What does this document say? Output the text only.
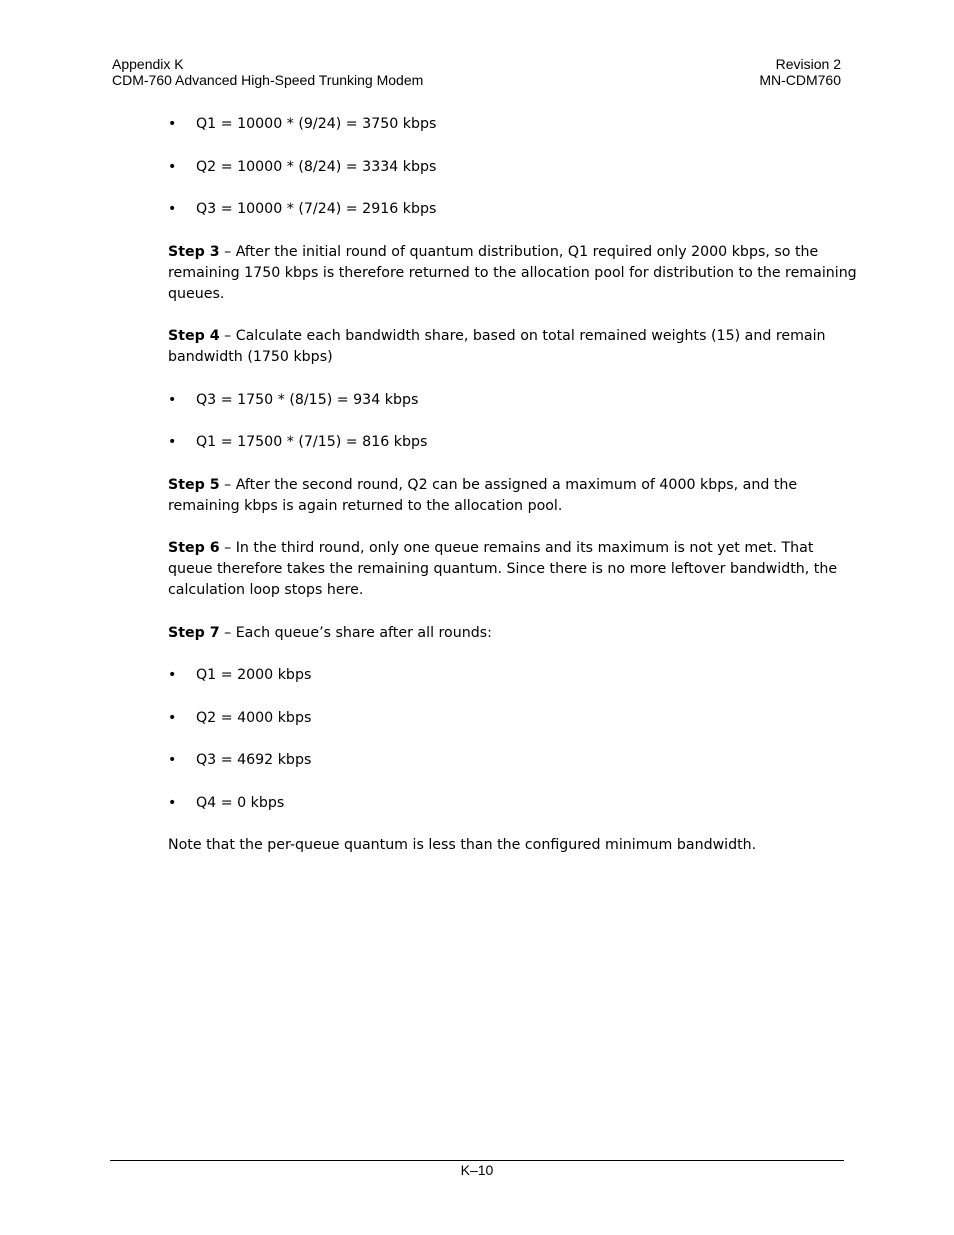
Appendix K
CDM-760 Advanced High-Speed Trunking Modem
Revision 2
MN-CDM760
• Q1 = 10000 * (9/24) = 3750 kbps
• Q2 = 10000 * (8/24) = 3334 kbps
• Q3 = 10000 * (7/24) = 2916 kbps

Step 3 – After the initial round of quantum distribution, Q1 required only 2000 kbps, so the remaining 1750 kbps is therefore returned to the allocation pool for distribution to the remaining queues.

Step 4 – Calculate each bandwidth share, based on total remained weights (15) and remain bandwidth (1750 kbps)

• Q3 = 1750 * (8/15) = 934 kbps
• Q1 = 17500 * (7/15) = 816 kbps

Step 5 – After the second round, Q2 can be assigned a maximum of 4000 kbps, and the remaining kbps is again returned to the allocation pool.

Step 6 – In the third round, only one queue remains and its maximum is not yet met. That queue therefore takes the remaining quantum. Since there is no more leftover bandwidth, the calculation loop stops here.

Step 7 – Each queue’s share after all rounds:

• Q1 = 2000 kbps
• Q2 = 4000 kbps
• Q3 = 4692 kbps
• Q4 = 0 kbps

Note that the per-queue quantum is less than the configured minimum bandwidth.

K–10
